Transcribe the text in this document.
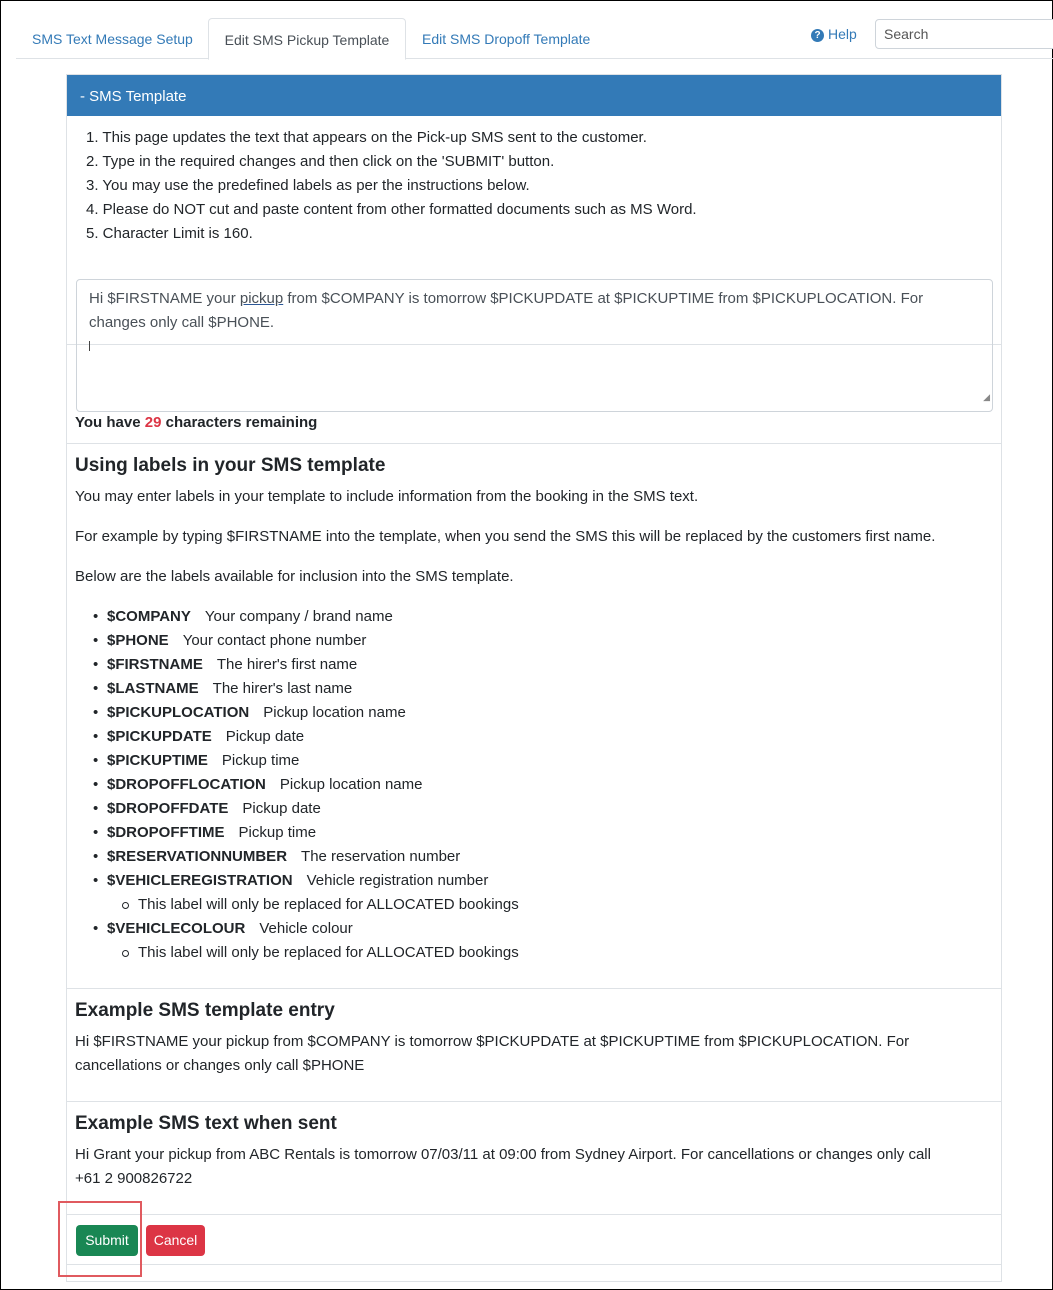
SMS Text Message Setup	Edit SMS Pickup Template	Edit SMS Dropoff Template	? Help
Search
- SMS Template
1. This page updates the text that appears on the Pick-up SMS sent to the customer.
2. Type in the required changes and then click on the 'SUBMIT' button.
3. You may use the predefined labels as per the instructions below.
4. Please do NOT cut and paste content from other formatted documents such as MS Word.
5. Character Limit is 160.
Hi $FIRSTNAME your pickup from $COMPANY is tomorrow $PICKUPDATE at $PICKUPTIME from $PICKUPLOCATION. For
changes only call $PHONE.
◢
You have 29 characters remaining
Using labels in your SMS template
You may enter labels in your template to include information from the booking in the SMS text.
For example by typing $FIRSTNAME into the template, when you send the SMS this will be replaced by the customers first name.
Below are the labels available for inclusion into the SMS template.
• $COMPANY Your company / brand name
• $PHONE Your contact phone number
• $FIRSTNAME The hirer's first name
• $LASTNAME The hirer's last name
• $PICKUPLOCATION Pickup location name
• $PICKUPDATE Pickup date
• $PICKUPTIME Pickup time
• $DROPOFFLOCATION Pickup location name
• $DROPOFFDATE Pickup date
• $DROPOFFTIME Pickup time
• $RESERVATIONNUMBER The reservation number
• $VEHICLEREGISTRATION Vehicle registration number
This label will only be replaced for ALLOCATED bookings
• $VEHICLECOLOUR Vehicle colour
This label will only be replaced for ALLOCATED bookings
Example SMS template entry
Hi $FIRSTNAME your pickup from $COMPANY is tomorrow $PICKUPDATE at $PICKUPTIME from $PICKUPLOCATION. For
cancellations or changes only call $PHONE
Example SMS text when sent
Hi Grant your pickup from ABC Rentals is tomorrow 07/03/11 at 09:00 from Sydney Airport. For cancellations or changes only call
+61 2 900826722
Submit	Cancel
